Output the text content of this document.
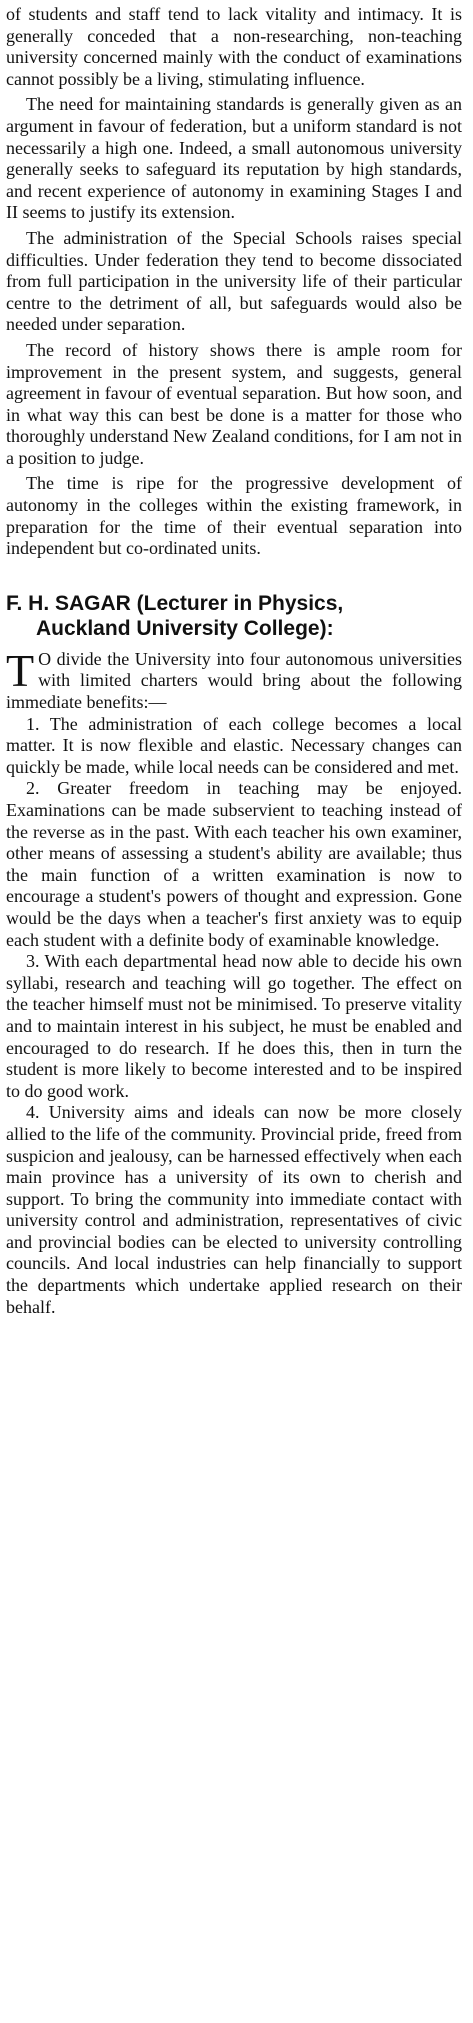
of students and staff tend to lack vitality and intimacy. It is generally conceded that a non-researching, non-teaching university concerned mainly with the conduct of examinations cannot possibly be a living, stimulating influence.

The need for maintaining standards is generally given as an argument in favour of federation, but a uniform standard is not necessarily a high one. Indeed, a small autonomous university generally seeks to safeguard its reputation by high standards, and recent experience of autonomy in examining Stages I and II seems to justify its extension.

The administration of the Special Schools raises special difficulties. Under federation they tend to become dissociated from full participation in the university life of their particular centre to the detriment of all, but safeguards would also be needed under separation.

The record of history shows there is ample room for improvement in the present system, and suggests, general agreement in favour of eventual separation. But how soon, and in what way this can best be done is a matter for those who thoroughly understand New Zealand conditions, for I am not in a position to judge.

The time is ripe for the progressive development of autonomy in the colleges within the existing framework, in preparation for the time of their eventual separation into independent but co-ordinated units.

F. H. SAGAR (Lecturer in Physics,
Auckland University College):

T O divide the University into four autonomous universities with limited charters would bring about the following immediate benefits:—

1. The administration of each college becomes a local matter. It is now flexible and elastic. Necessary changes can quickly be made, while local needs can be considered and met.

2. Greater freedom in teaching may be enjoyed. Examinations can be made subservient to teaching instead of the reverse as in the past. With each teacher his own examiner, other means of assessing a student's ability are available; thus the main function of a written examination is now to encourage a student's powers of thought and expression. Gone would be the days when a teacher's first anxiety was to equip each student with a definite body of examinable knowledge.

3. With each departmental head now able to decide his own syllabi, research and teaching will go together. The effect on the teacher himself must not be minimised. To preserve vitality and to maintain interest in his subject, he must be enabled and encouraged to do research. If he does this, then in turn the student is more likely to become interested and to be inspired to do good work.

4. University aims and ideals can now be more closely allied to the life of the community. Provincial pride, freed from suspicion and jealousy, can be harnessed effectively when each main province has a university of its own to cherish and support. To bring the community into immediate contact with university control and administration, representatives of civic and provincial bodies can be elected to university controlling councils. And local industries can help financially to support the departments which undertake applied research on their behalf.
